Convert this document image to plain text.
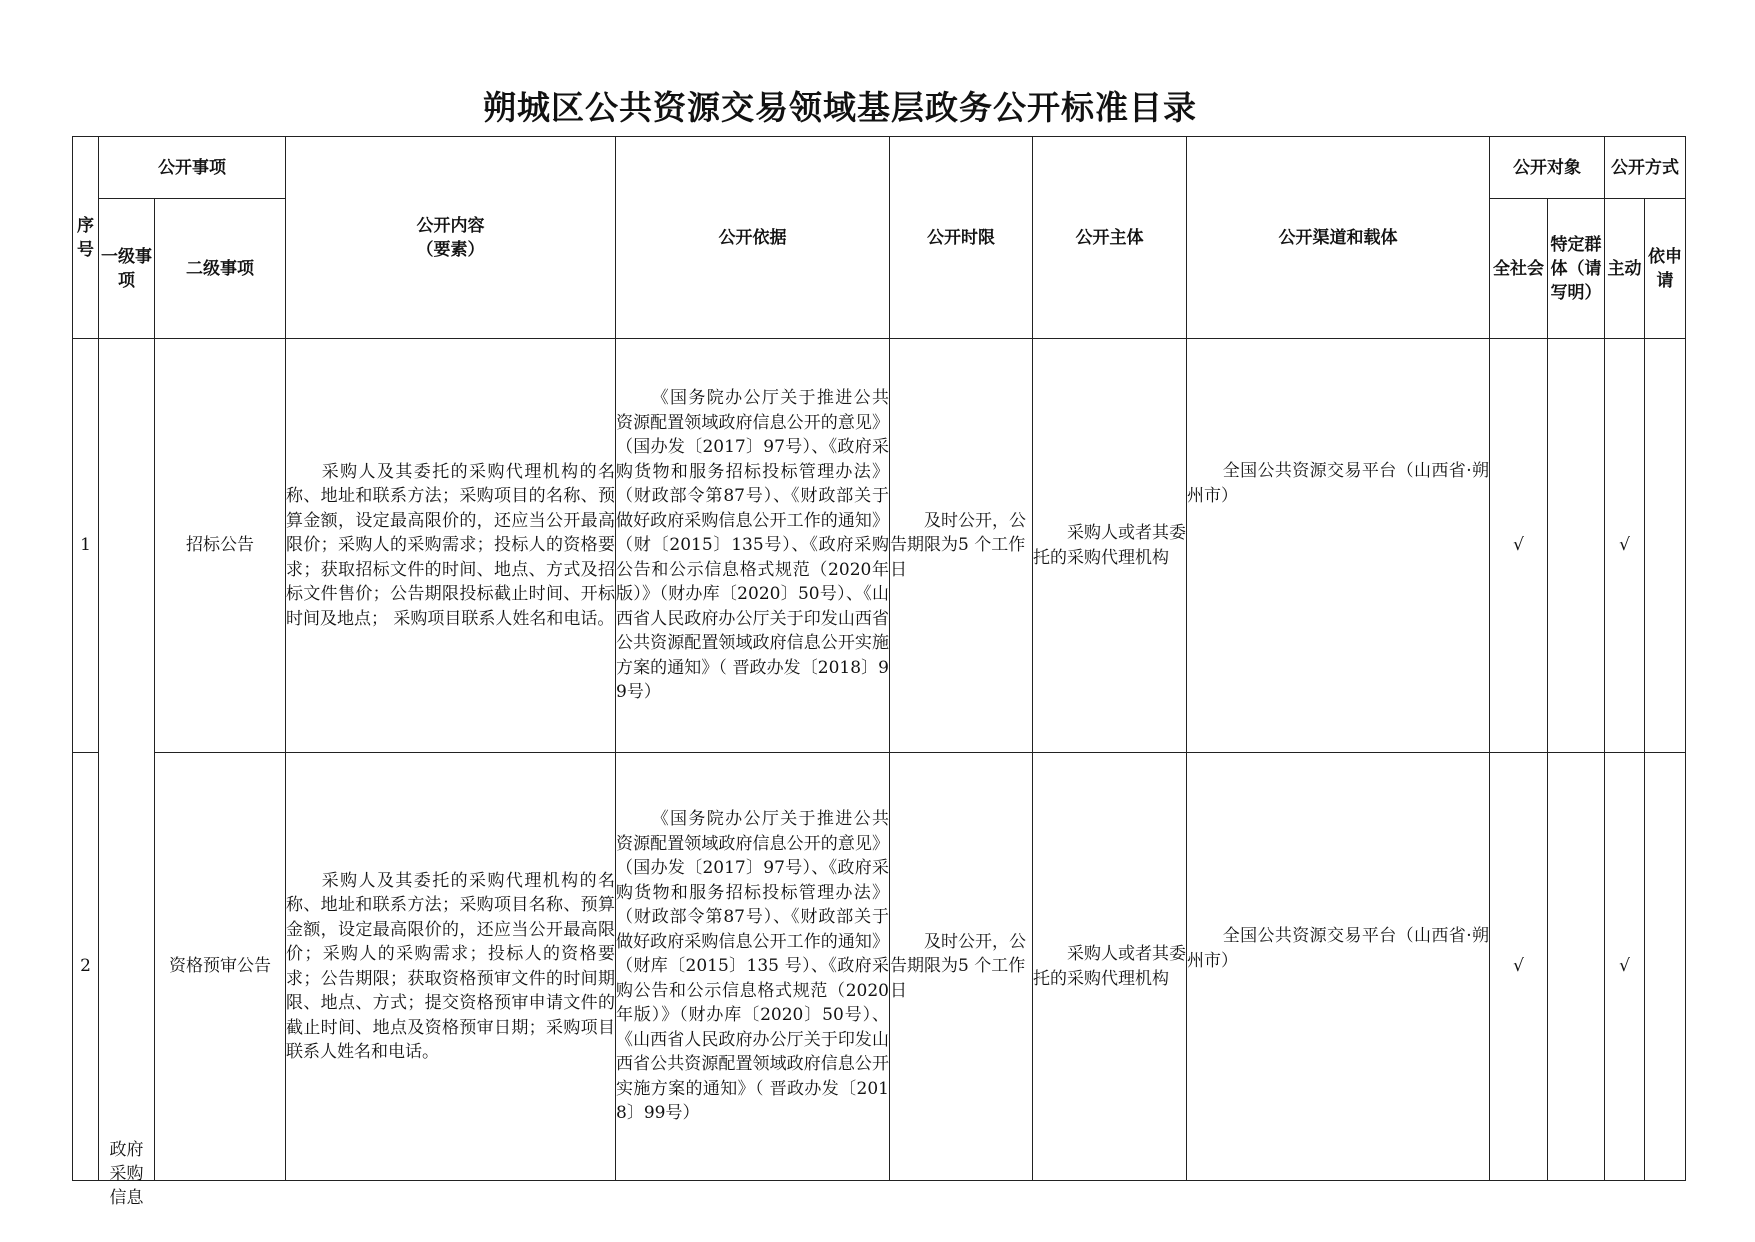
朔城区公共资源交易领域基层政务公开标准目录
序号	公开事项		公开内容
（要素）	公开依据	公开时限	公开主体	公开渠道和载体	公开对象		公开方式	
	一级事项	二级事项						全社会	特定群体（请写明）	主动	依申请
1	政府采购信息	招标公告	采购人及其委托的采购代理机构的名称、地址和联系方法；采购项目的名称、预算金额，设定最高限价的，还应当公开最高限价；采购人的采购需求；投标人的资格要求；获取招标文件的时间、地点、方式及招标文件售价；公告期限投标截止时间、开标时间及地点； 采购项目联系人姓名和电话。	《国务院办公厅关于推进公共资源配置领域政府信息公开的意见》（国办发〔2017〕97号）、《政府采购货物和服务招标投标管理办法》（财政部令第87号）、《财政部关于做好政府采购信息公开工作的通知》（财〔2015〕135号）、《政府采购公告和公示信息格式规范（2020年版）》（财办库〔2020〕50号）、《山西省人民政府办公厅关于印发山西省公共资源配置领域政府信息公开实施方案的通知》（ 晋政办发〔2018〕99号）	及时公开，公告期限为5 个工作日	采购人或者其委托的采购代理机构	全国公共资源交易平台（山西省·朔州市）	√		√	
2		资格预审公告	采购人及其委托的采购代理机构的名称、地址和联系方法；采购项目名称、预算金额，设定最高限价的，还应当公开最高限价；采购人的采购需求；投标人的资格要求；公告期限；获取资格预审文件的时间期限、地点、方式；提交资格预审申请文件的截止时间、地点及资格预审日期；采购项目联系人姓名和电话。	《国务院办公厅关于推进公共资源配置领域政府信息公开的意见》（国办发〔2017〕97号）、《政府采购货物和服务招标投标管理办法》（财政部令第87号）、《财政部关于做好政府采购信息公开工作的通知》（财库〔2015〕135 号）、《政府采购公告和公示信息格式规范（2020年版）》（财办库〔2020〕50号）、《山西省人民政府办公厅关于印发山西省公共资源配置领域政府信息公开实施方案的通知》（ 晋政办发〔2018〕99号）	及时公开，公告期限为5 个工作日	采购人或者其委托的采购代理机构	全国公共资源交易平台（山西省·朔州市）	√		√	
